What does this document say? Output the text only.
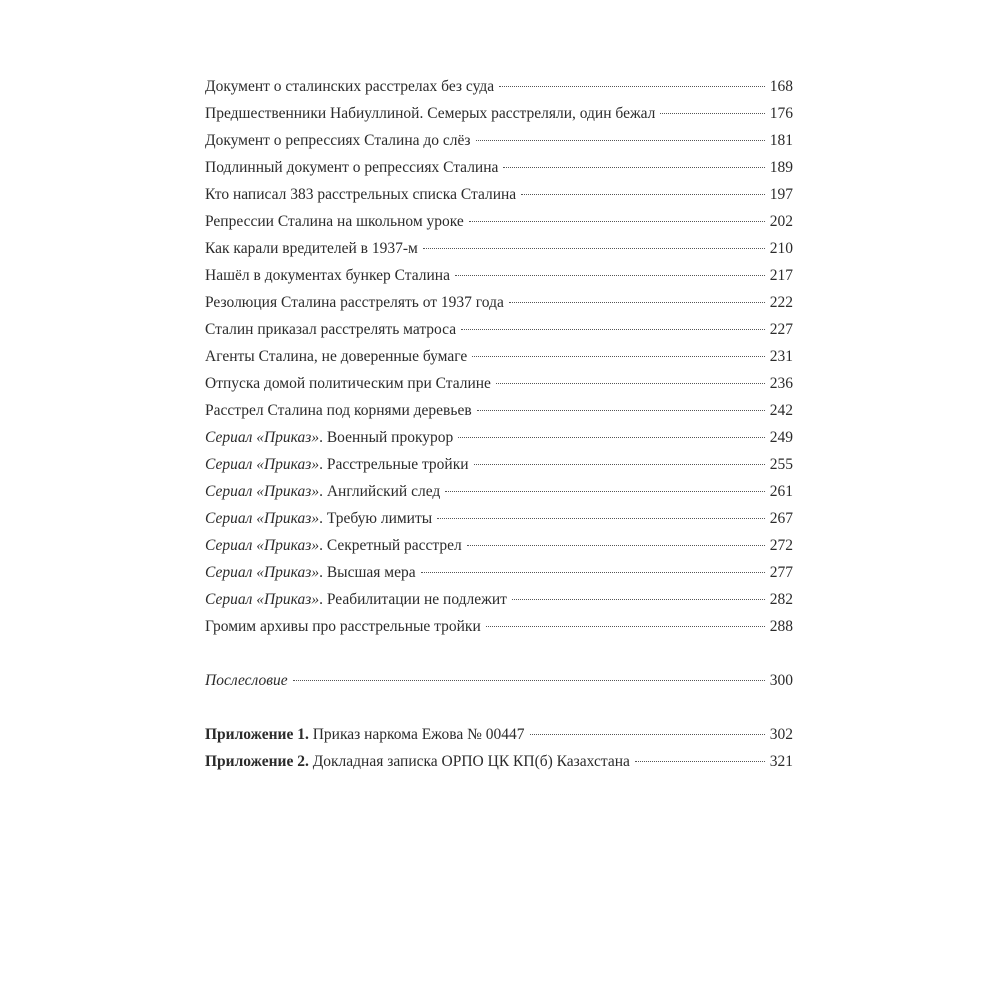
Документ о сталинских расстрелах без суда	168
Предшественники Набиуллиной. Семерых расстреляли, один бежал	176
Документ о репрессиях Сталина до слёз	181
Подлинный документ о репрессиях Сталина	189
Кто написал 383 расстрельных списка Сталина	197
Репрессии Сталина на школьном уроке	202
Как карали вредителей в 1937-м	210
Нашёл в документах бункер Сталина	217
Резолюция Сталина расстрелять от 1937 года	222
Сталин приказал расстрелять матроса	227
Агенты Сталина, не доверенные бумаге	231
Отпуска домой политическим при Сталине	236
Расстрел Сталина под корнями деревьев	242
Сериал «Приказ». Военный прокурор	249
Сериал «Приказ». Расстрельные тройки	255
Сериал «Приказ». Английский след	261
Сериал «Приказ». Требую лимиты	267
Сериал «Приказ». Секретный расстрел	272
Сериал «Приказ». Высшая мера	277
Сериал «Приказ». Реабилитации не подлежит	282
Громим архивы про расстрельные тройки	288
Послесловие	300
Приложение 1. Приказ наркома Ежова № 00447	302
Приложение 2. Докладная записка ОРПО ЦК КП(б) Казахстана	321
